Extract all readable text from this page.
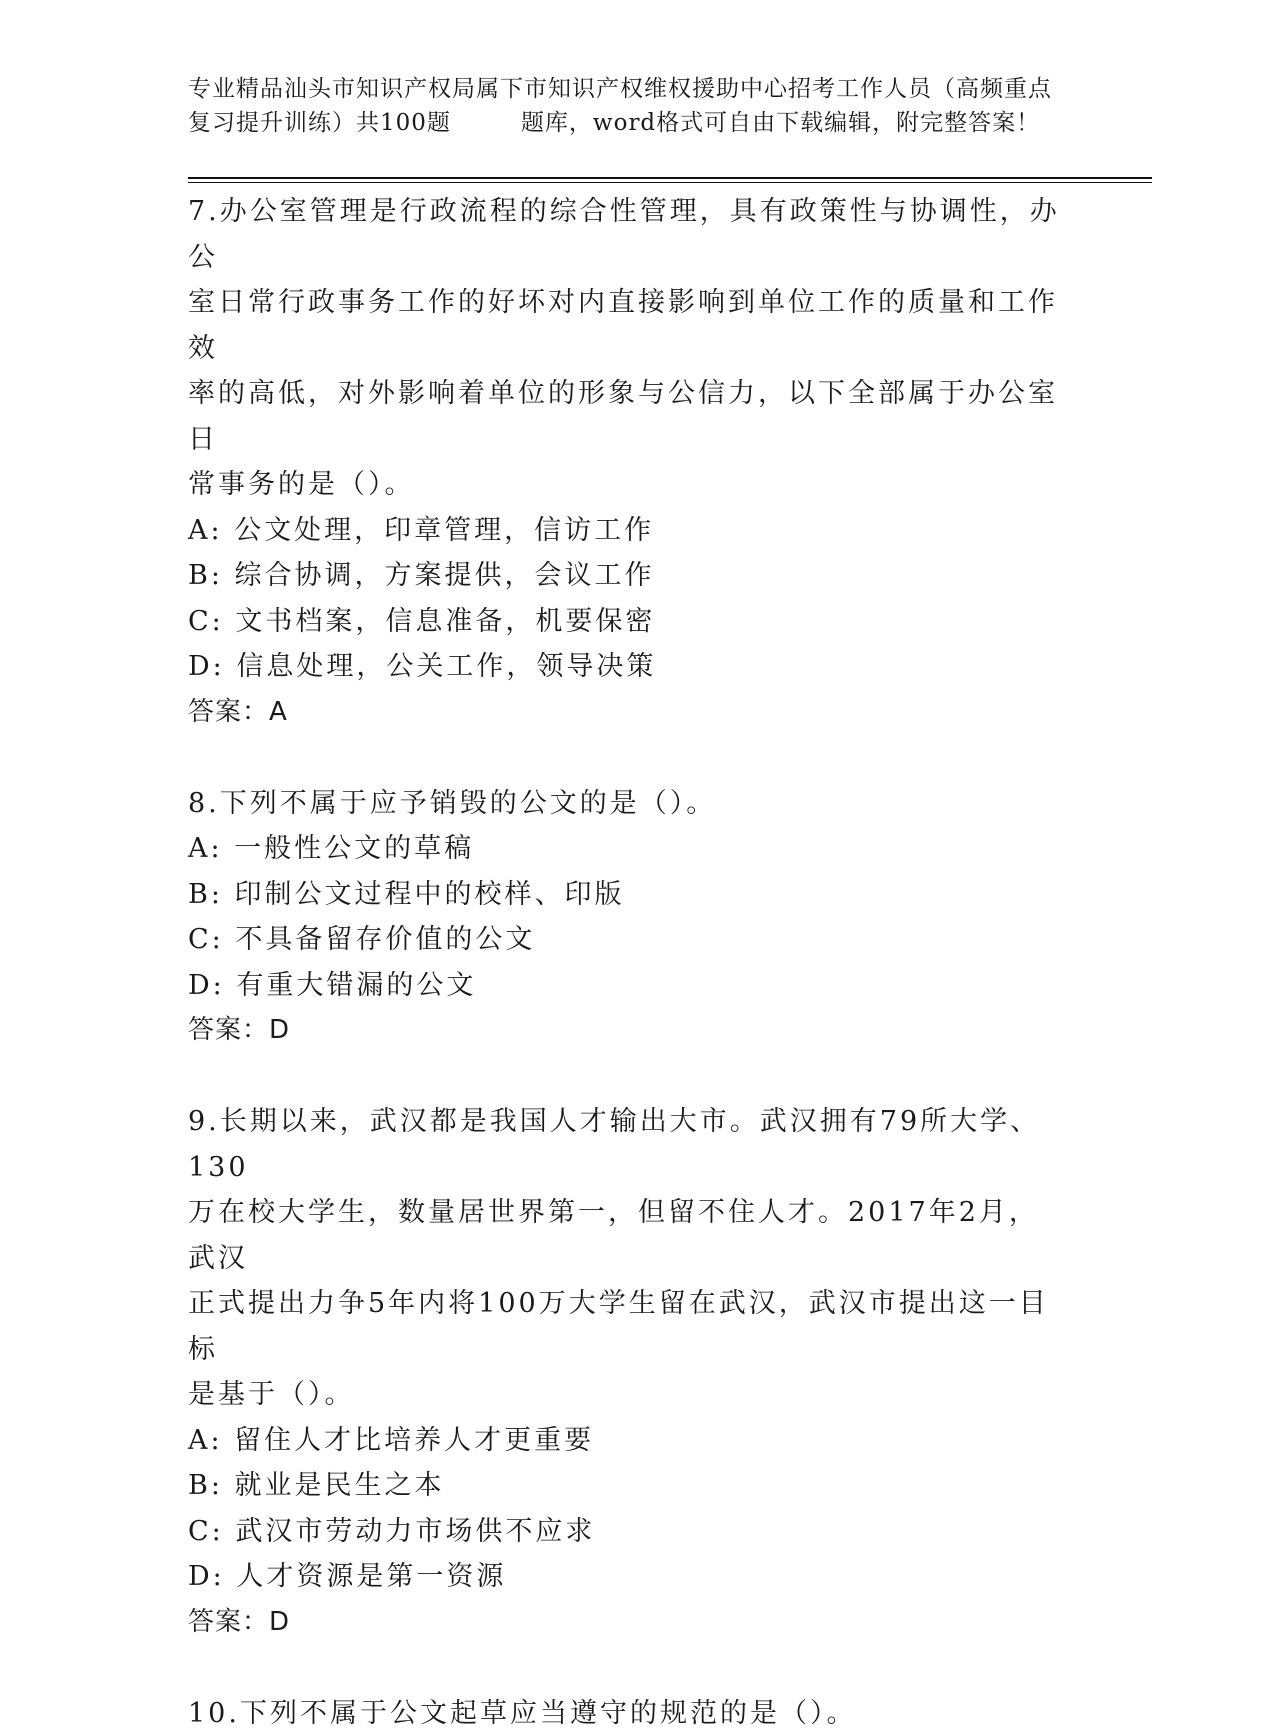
专业精品汕头市知识产权局属下市知识产权维权援助中心招考工作人员（高频重点
复习提升训练）共100题	题库，word格式可自由下载编辑，附完整答案！

7.办公室管理是行政流程的综合性管理，具有政策性与协调性，办公

室日常行政事务工作的好坏对内直接影响到单位工作的质量和工作效

率的高低，对外影响着单位的形象与公信力，以下全部属于办公室日

常事务的是（）。

A: 公文处理，印章管理，信访工作

B: 综合协调，方案提供，会议工作

C: 文书档案，信息准备，机要保密

D: 信息处理，公关工作，领导决策

答案：A

8.下列不属于应予销毁的公文的是（）。

A: 一般性公文的草稿

B: 印制公文过程中的校样、印版

C: 不具备留存价值的公文

D: 有重大错漏的公文

答案：D

9.长期以来，武汉都是我国人才输出大市。武汉拥有79所大学、130

万在校大学生，数量居世界第一，但留不住人才。2017年2月，武汉

正式提出力争5年内将100万大学生留在武汉，武汉市提出这一目标

是基于（）。

A: 留住人才比培养人才更重要

B: 就业是民生之本

C: 武汉市劳动力市场供不应求

D: 人才资源是第一资源

答案：D

10.下列不属于公文起草应当遵守的规范的是（）。
